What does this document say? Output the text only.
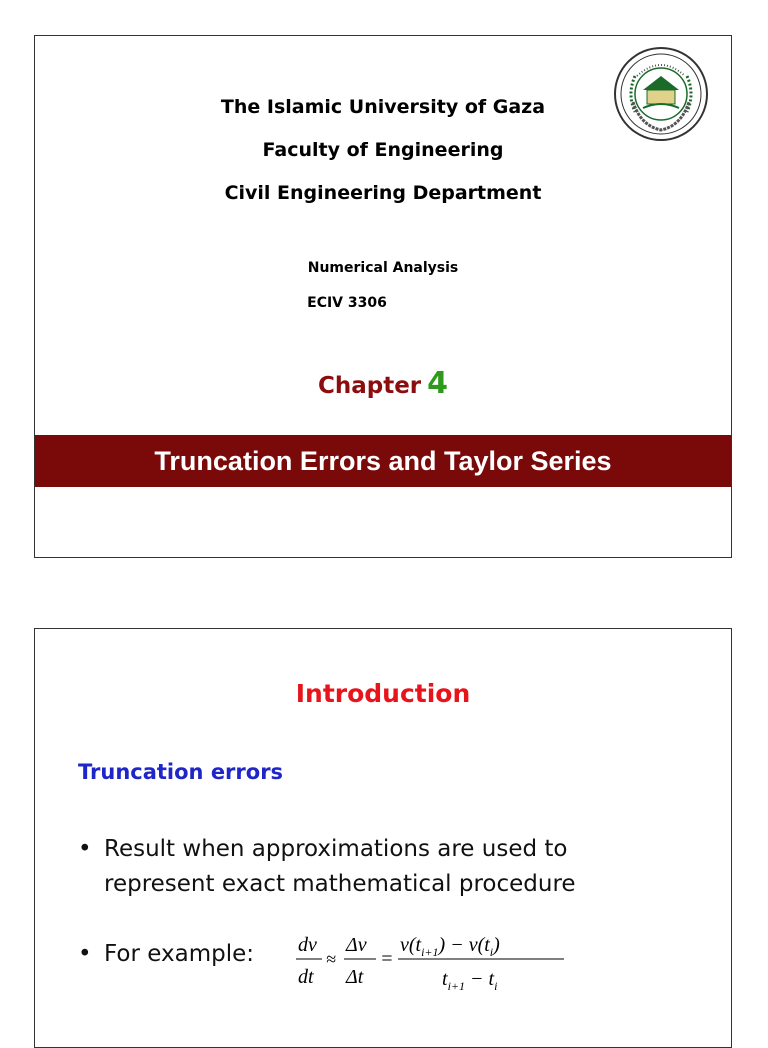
The Islamic University of Gaza
Faculty of Engineering
Civil Engineering Department
Numerical Analysis
ECIV 3306
Chapter 4
Truncation Errors and Taylor Series
Introduction
Truncation errors
• Result when approximations are used to
represent exact mathematical procedure
• For example: dv
dt
≈
Δv
Δt
=
$v(t_{i+1}) - v(t_i)$
$t_{i+1} - t_i$
